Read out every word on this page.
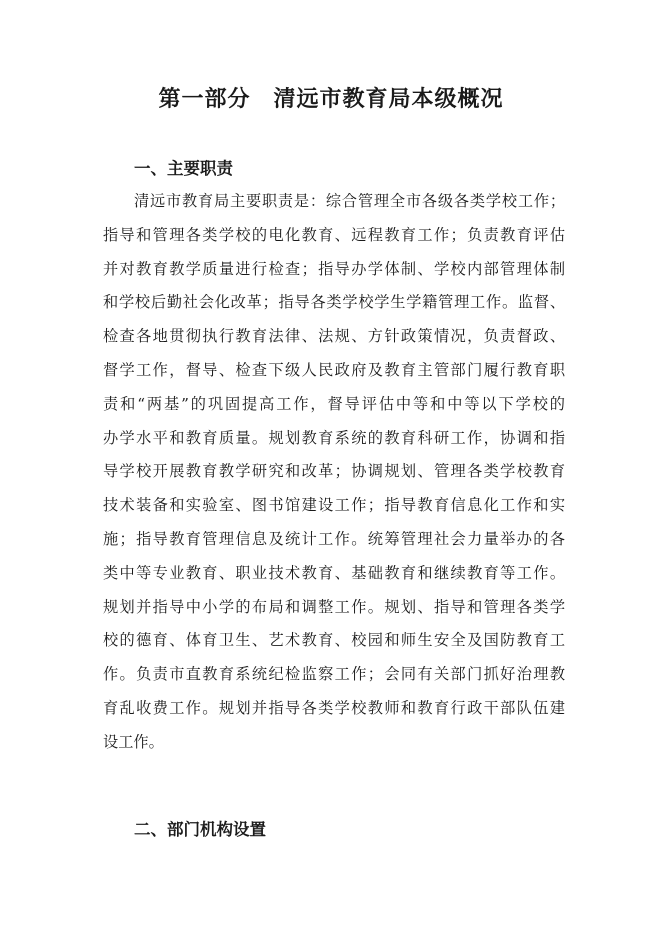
第一部分　清远市教育局本级概况
一、主要职责
清远市教育局主要职责是：综合管理全市各级各类学校工作；
指导和管理各类学校的电化教育、远程教育工作；负责教育评估
并对教育教学质量进行检查；指导办学体制、学校内部管理体制
和学校后勤社会化改革；指导各类学校学生学籍管理工作。监督、
检查各地贯彻执行教育法律、法规、方针政策情况，负责督政、
督学工作，督导、检查下级人民政府及教育主管部门履行教育职
责和“两基”的巩固提高工作，督导评估中等和中等以下学校的
办学水平和教育质量。规划教育系统的教育科研工作，协调和指
导学校开展教育教学研究和改革；协调规划、管理各类学校教育
技术装备和实验室、图书馆建设工作；指导教育信息化工作和实
施；指导教育管理信息及统计工作。统筹管理社会力量举办的各
类中等专业教育、职业技术教育、基础教育和继续教育等工作。
规划并指导中小学的布局和调整工作。规划、指导和管理各类学
校的德育、体育卫生、艺术教育、校园和师生安全及国防教育工
作。负责市直教育系统纪检监察工作；会同有关部门抓好治理教
育乱收费工作。规划并指导各类学校教师和教育行政干部队伍建
设工作。
二、部门机构设置
